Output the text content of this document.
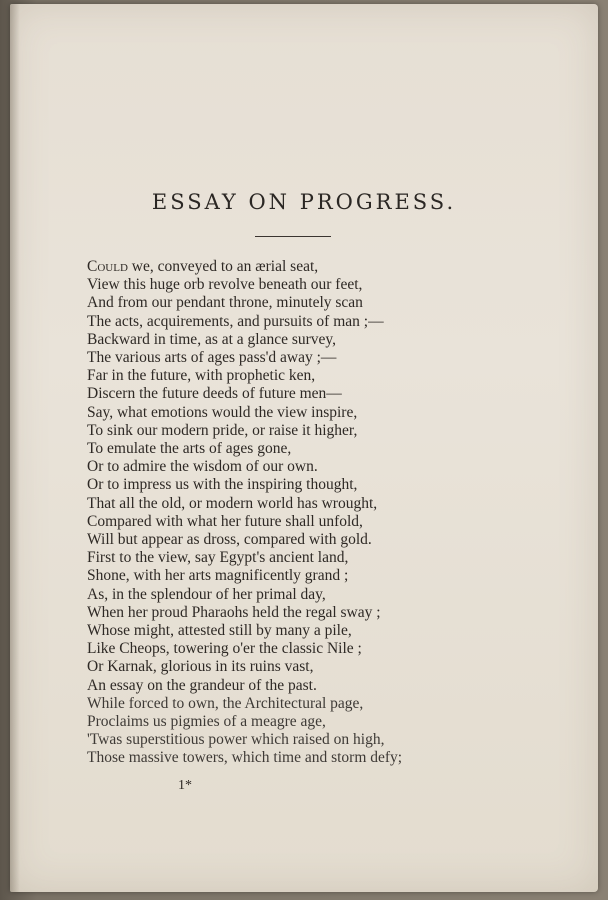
ESSAY ON PROGRESS.
Could we, conveyed to an ærial seat,
View this huge orb revolve beneath our feet,
And from our pendant throne, minutely scan
The acts, acquirements, and pursuits of man ;—
Backward in time, as at a glance survey,
The various arts of ages pass'd away ;—
Far in the future, with prophetic ken,
Discern the future deeds of future men—
Say, what emotions would the view inspire,
To sink our modern pride, or raise it higher,
To emulate the arts of ages gone,
Or to admire the wisdom of our own.
Or to impress us with the inspiring thought,
That all the old, or modern world has wrought,
Compared with what her future shall unfold,
Will but appear as dross, compared with gold.
First to the view, say Egypt's ancient land,
Shone, with her arts magnificently grand ;
As, in the splendour of her primal day,
When her proud Pharaohs held the regal sway ;
Whose might, attested still by many a pile,
Like Cheops, towering o'er the classic Nile ;
Or Karnak, glorious in its ruins vast,
An essay on the grandeur of the past.
While forced to own, the Architectural page,
Proclaims us pigmies of a meagre age,
'Twas superstitious power which raised on high,
Those massive towers, which time and storm defy;
1*
